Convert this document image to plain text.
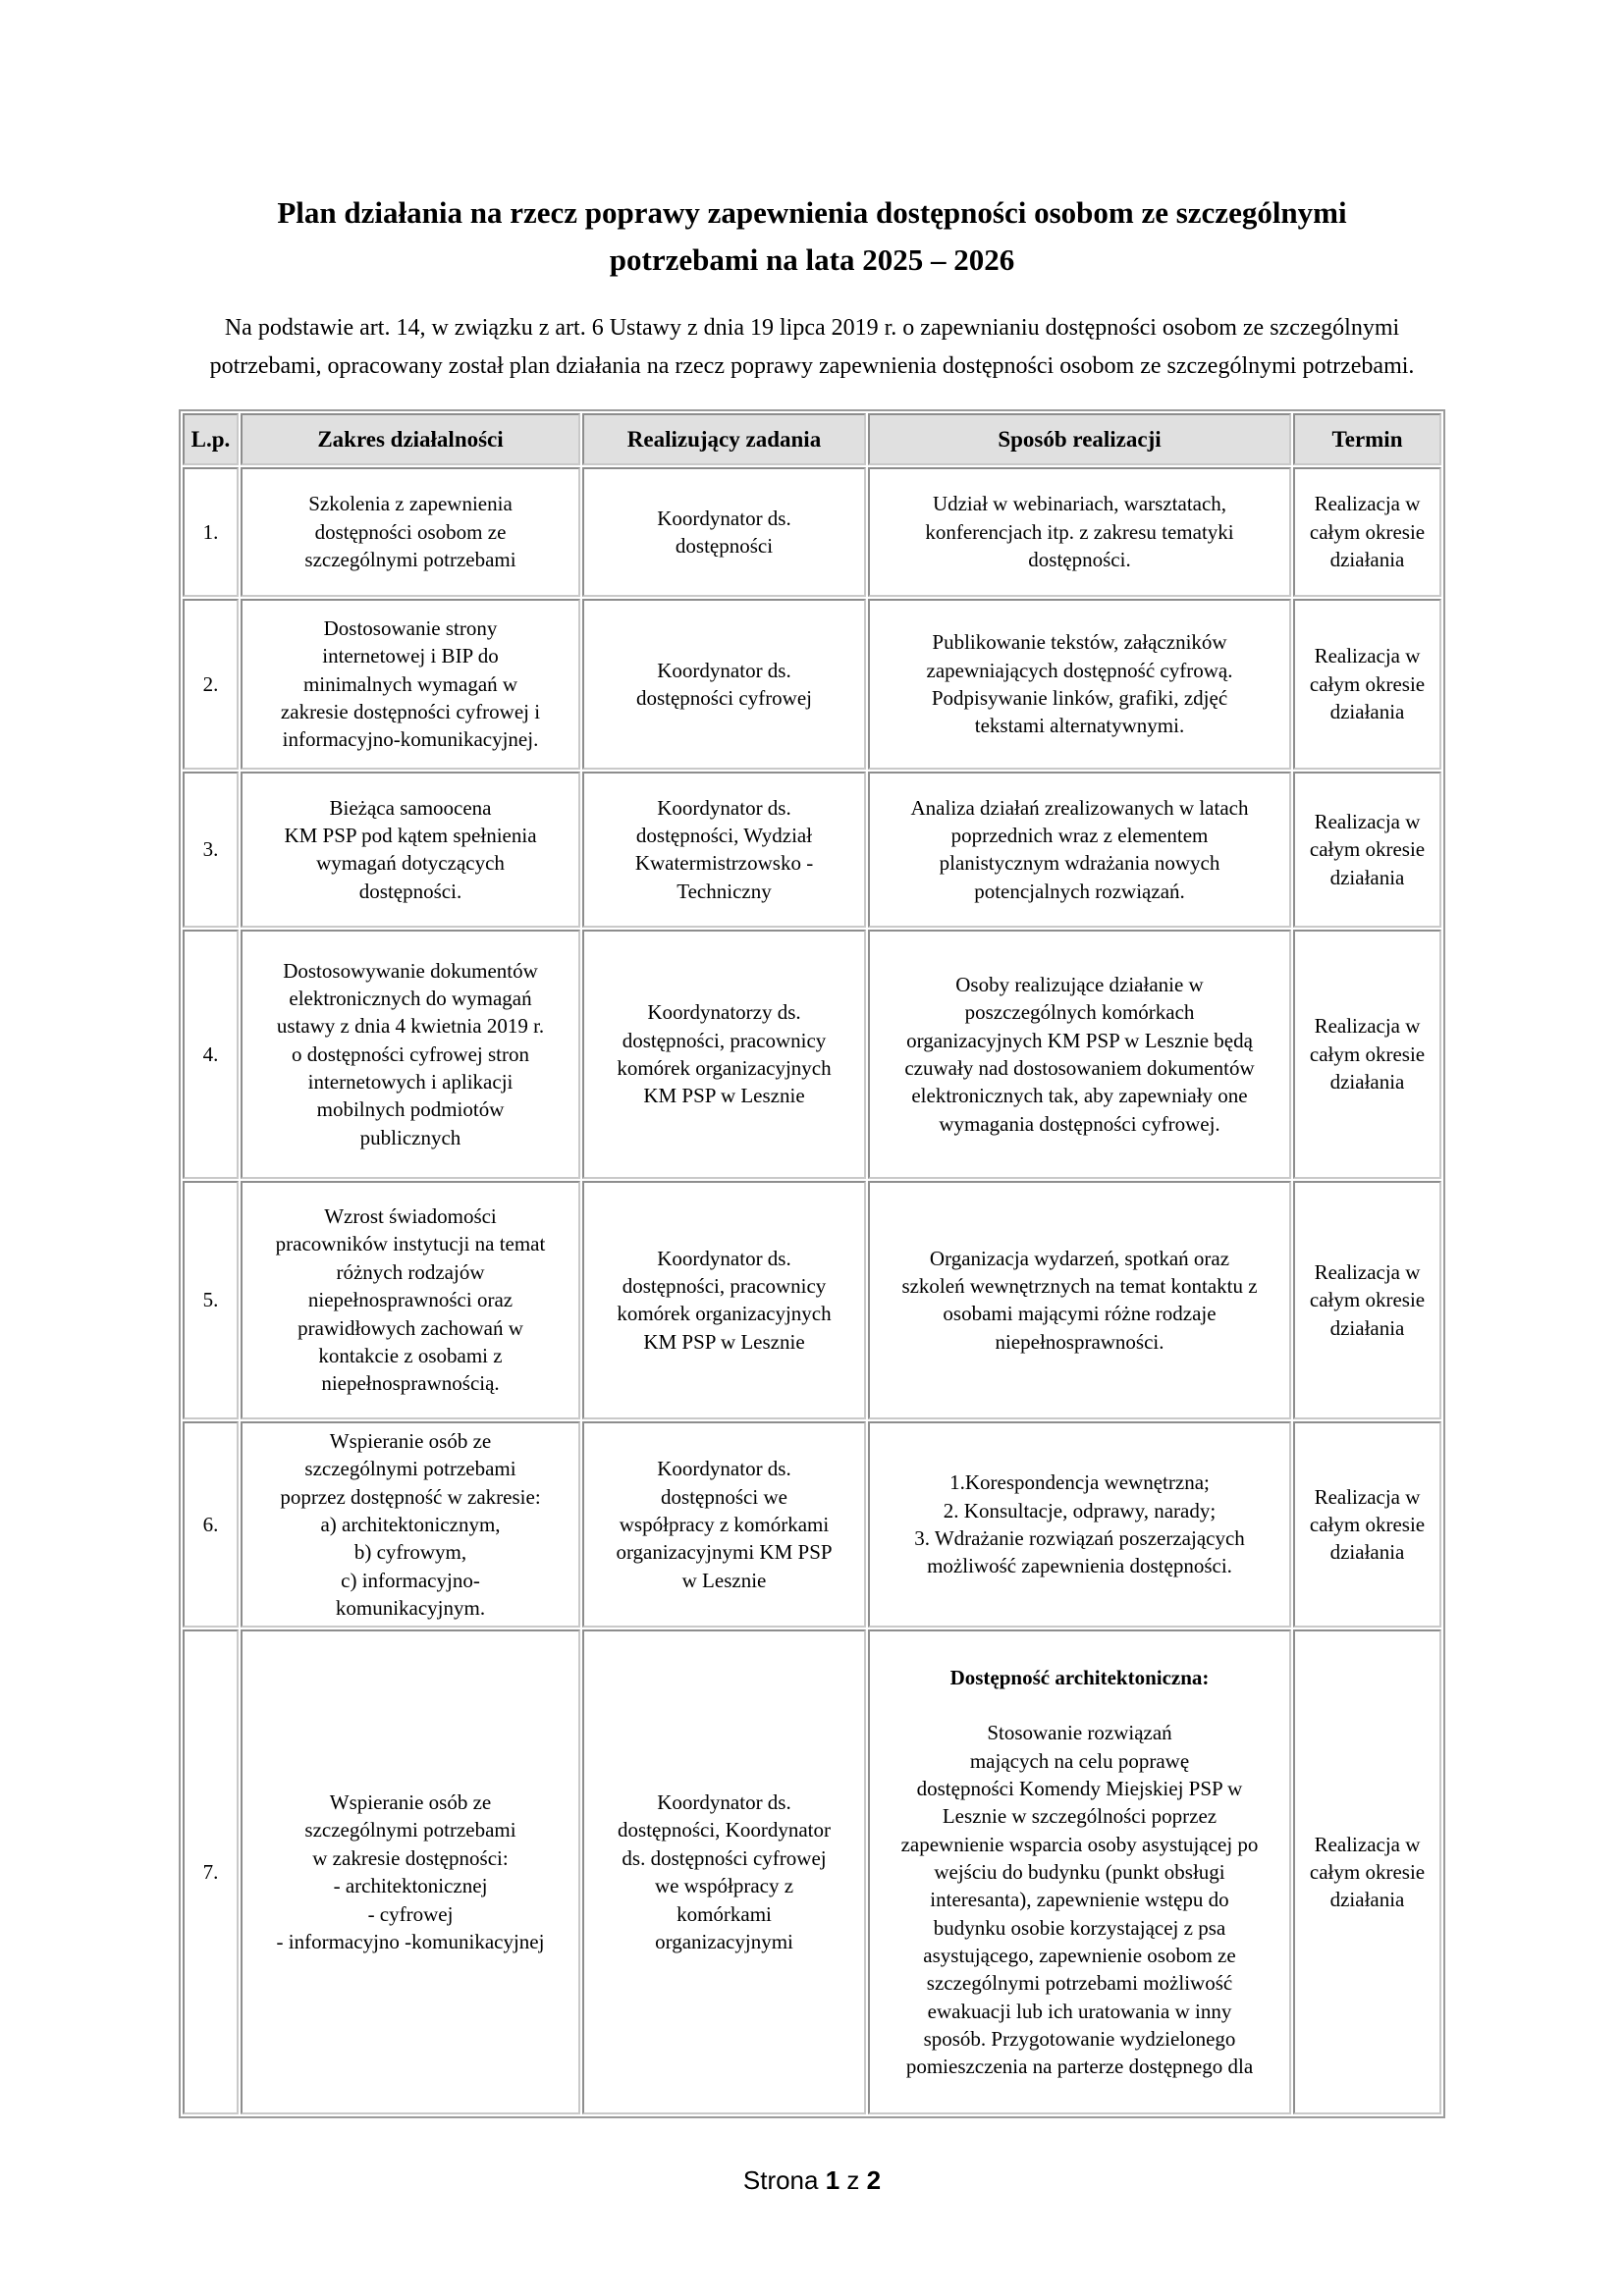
Plan działania na rzecz poprawy zapewnienia dostępności osobom ze szczególnymi potrzebami na lata 2025 – 2026

Na podstawie art. 14, w związku z art. 6 Ustawy z dnia 19 lipca 2019 r. o zapewnianiu dostępności osobom ze szczególnymi potrzebami, opracowany został plan działania na rzecz poprawy zapewnienia dostępności osobom ze szczególnymi potrzebami.

L.p.	Zakres działalności	Realizujący zadania	Sposób realizacji	Termin
1.	Szkolenia z zapewnienia
dostępności osobom ze
szczególnymi potrzebami	Koordynator ds.
dostępności	Udział w webinariach, warsztatach,
konferencjach itp. z zakresu tematyki
dostępności.	Realizacja w
całym okresie
działania
2.	Dostosowanie strony
internetowej i BIP do
minimalnych wymagań w
zakresie dostępności cyfrowej i
informacyjno-komunikacyjnej.	Koordynator ds.
dostępności cyfrowej	Publikowanie tekstów, załączników
zapewniających dostępność cyfrową.
Podpisywanie linków, grafiki, zdjęć
tekstami alternatywnymi.	Realizacja w
całym okresie
działania
3.	Bieżąca samoocena
KM PSP pod kątem spełnienia
wymagań dotyczących
dostępności.	Koordynator ds.
dostępności, Wydział
Kwatermistrzowsko -
Techniczny	Analiza działań zrealizowanych w latach
poprzednich wraz z elementem
planistycznym wdrażania nowych
potencjalnych rozwiązań.	Realizacja w
całym okresie
działania
4.	Dostosowywanie dokumentów
elektronicznych do wymagań
ustawy z dnia 4 kwietnia 2019 r.
o dostępności cyfrowej stron
internetowych i aplikacji
mobilnych podmiotów
publicznych	Koordynatorzy ds.
dostępności, pracownicy
komórek organizacyjnych
KM PSP w Lesznie	Osoby realizujące działanie w
poszczególnych komórkach
organizacyjnych KM PSP w Lesznie będą
czuwały nad dostosowaniem dokumentów
elektronicznych tak, aby zapewniały one
wymagania dostępności cyfrowej.	Realizacja w
całym okresie
działania
5.	Wzrost świadomości
pracowników instytucji na temat
różnych rodzajów
niepełnosprawności oraz
prawidłowych zachowań w
kontakcie z osobami z
niepełnosprawnością.	Koordynator ds.
dostępności, pracownicy
komórek organizacyjnych
KM PSP w Lesznie	Organizacja wydarzeń, spotkań oraz
szkoleń wewnętrznych na temat kontaktu z
osobami mającymi różne rodzaje
niepełnosprawności.	Realizacja w
całym okresie
działania
6.	Wspieranie osób ze
szczególnymi potrzebami
poprzez dostępność w zakresie:
a) architektonicznym,
b) cyfrowym,
c) informacyjno-
komunikacyjnym.	Koordynator ds.
dostępności we
współpracy z komórkami
organizacyjnymi KM PSP
w Lesznie	1.Korespondencja wewnętrzna;
2. Konsultacje, odprawy, narady;
3. Wdrażanie rozwiązań poszerzających
możliwość zapewnienia dostępności.	Realizacja w
całym okresie
działania
7.	Wspieranie osób ze
szczególnymi potrzebami
w zakresie dostępności:
- architektonicznej
- cyfrowej
- informacyjno -komunikacyjnej	Koordynator ds.
dostępności, Koordynator
ds. dostępności cyfrowej
we współpracy z
komórkami
organizacyjnymi	

Dostępność architektoniczna:

Stosowanie rozwiązań
mających na celu poprawę
dostępności Komendy Miejskiej PSP w
Lesznie w szczególności poprzez
zapewnienie wsparcia osoby asystującej po
wejściu do budynku (punkt obsługi
interesanta), zapewnienie wstępu do
budynku osobie korzystającej z psa
asystującego, zapewnienie osobom ze
szczególnymi potrzebami możliwość
ewakuacji lub ich uratowania w inny
sposób. Przygotowanie wydzielonego
pomieszczenia na parterze dostępnego dla

	Realizacja w
całym okresie
działania
Strona 1 z 2
